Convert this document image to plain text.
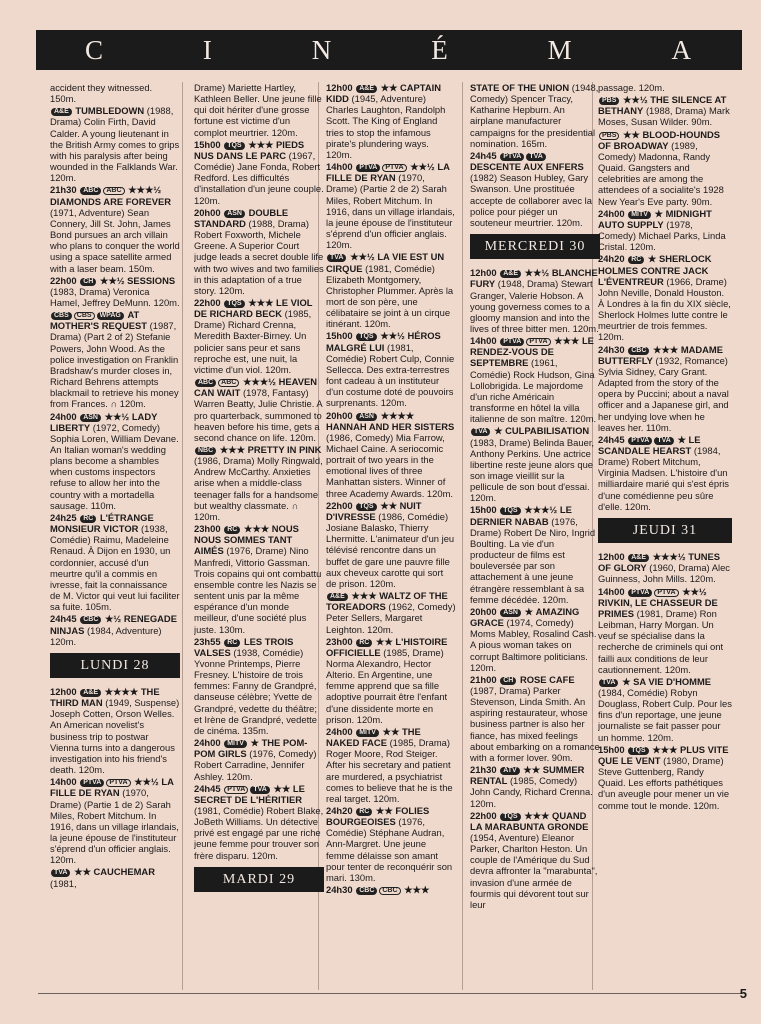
C	I	N	É	M	A

accident they witnessed. 150m.

A&E TUMBLEDOWN (1988, Drama) Colin Firth, David Calder. A young lieutenant in the British Army comes to grips with his paralysis after being wounded in the Falklands War. 120m.

21h30 ABC ABC ★★★½ DIAMONDS ARE FOREVER (1971, Adventure) Sean Connery, Jill St. John, James Bond pursues an arch villain who plans to conquer the world using a space satellite armed with a laser beam. 150m.

22h00 CH ★★½ SESSIONS (1983, Drama) Veronica Hamel, Jeffrey DeMunn. 120m.

CBS CBS WPAG AT MOTHER'S REQUEST (1987, Drama) (Part 2 of 2) Stefanie Powers, John Wood. As the police investigation on Franklin Bradshaw's murder closes in, Richard Behrens attempts blackmail to retrieve his money from Frances. ∩ 120m.

24h00 ASN ★★½ LADY LIBERTY (1972, Comedy) Sophia Loren, William Devane. An Italian woman's wedding plans become a shambles when customs inspectors refuse to allow her into the country with a mortadella sausage. 110m.

24h25 RC L'ÉTRANGE MONSIEUR VICTOR (1938, Comédie) Raimu, Madeleine Renaud. À Dijon en 1930, un cordonnier, accusé d'un meurtre qu'il a commis en ivresse, fait la connaissance de M. Victor qui veut lui faciliter sa fuite. 105m.

24h45 CBC ★½ RENEGADE NINJAS (1984, Adventure) 120m.

LUNDI 28

12h00 A&E ★★★★ THE THIRD MAN (1949, Suspense) Joseph Cotten, Orson Welles. An American novelist's business trip to postwar Vienna turns into a dangerous investigation into his friend's death. 120m.

14h00 PTVA PTVA ★★½ LA FILLE DE RYAN (1970, Drame) (Partie 1 de 2) Sarah Miles, Robert Mitchum. In 1916, dans un village irlandais, la jeune épouse de l'instituteur s'éprend d'un officier anglais. 120m.

TVA ★★ CAUCHEMAR (1981,

Drame) Mariette Hartley, Kathleen Beller. Une jeune fille qui doit hériter d'une grosse fortune est victime d'un complot meurtrier. 120m.

15h00 TQS ★★★ PIEDS NUS DANS LE PARC (1967, Comédie) Jane Fonda, Robert Redford. Les difficultés d'installation d'un jeune couple. 120m.

20h00 ASN DOUBLE STANDARD (1988, Drama) Robert Foxworth, Michele Greene. A Superior Court judge leads a secret double life with two wives and two families in this adaptation of a true story. 120m.

22h00 TQS ★★★ LE VIOL DE RICHARD BECK (1985, Drame) Richard Crenna, Meredith Baxter-Birney. Un policier sans peur et sans reproche est, une nuit, la victime d'un viol. 120m.

ABC ABC ★★★½ HEAVEN CAN WAIT (1978, Fantasy) Warren Beatty, Julie Christie. A pro quarterback, summoned to heaven before his time, gets a second chance on life. 120m.

NBC ★★★ PRETTY IN PINK (1986, Drama) Molly Ringwald, Andrew McCarthy. Anxieties arise when a middle-class teenager falls for a handsome but wealthy classmate. ∩ 120m.

23h00 RC ★★★ NOUS NOUS SOMMES TANT AIMÉS (1976, Drame) Nino Manfredi, Vittorio Gassman. Trois copains qui ont combattu ensemble contre les Nazis se sentent unis par la même espérance d'un monde meilleur, d'une société plus juste. 130m.

23h55 RC LES TROIS VALSES (1938, Comédie) Yvonne Printemps, Pierre Fresney. L'histoire de trois femmes: Fanny de Grandpré, danseuse célèbre; Yvette de Grandpré, vedette du théâtre; et Irène de Grandpré, vedette de cinéma. 135m.

24h00 MITV ★ THE POM-POM GIRLS (1976, Comedy) Robert Carradine, Jennifer Ashley. 120m.

24h45 PTVA TVA ★★ LE SECRET DE L'HÉRITIER (1981, Comédie) Robert Blake, JoBeth Williams. Un détective privé est engagé par une riche jeune femme pour trouver son frère disparu. 120m.

MARDI 29

12h00 A&E ★★ CAPTAIN KIDD (1945, Adventure) Charles Laughton, Randolph Scott. The King of England tries to stop the infamous pirate's plundering ways. 120m.

14h00 PTVA PTVA ★★½ LA FILLE DE RYAN (1970, Drame) (Partie 2 de 2) Sarah Miles, Robert Mitchum. In 1916, dans un village irlandais, la jeune épouse de l'instituteur s'éprend d'un officier anglais. 120m.

TVA ★★½ LA VIE EST UN CIRQUE (1981, Comédie) Elizabeth Montgomery, Christopher Plummer. Après la mort de son père, une célibataire se joint à un cirque itinérant. 120m.

15h00 TQS ★★½ HÉROS MALGRÉ LUI (1981, Comédie) Robert Culp, Connie Sellecca. Des extra-terrestres font cadeau à un instituteur d'un costume doté de pouvoirs surprenants. 120m.

20h00 ASN ★★★★ HANNAH AND HER SISTERS (1986, Comedy) Mia Farrow, Michael Caine. A seriocomic portrait of two years in the emotional lives of three Manhattan sisters. Winner of three Academy Awards. 120m.

22h00 TQS ★★ NUIT D'IVRESSE (1986, Comédie) Josiane Balasko, Thierry Lhermitte. L'animateur d'un jeu télévisé rencontre dans un buffet de gare une pauvre fille aux cheveux carotte qui sort de prison. 120m.

A&E ★★★ WALTZ OF THE TOREADORS (1962, Comedy) Peter Sellers, Margaret Leighton. 120m.

23h00 RC ★★ L'HISTOIRE OFFICIELLE (1985, Drame) Norma Alexandro, Hector Alterio. En Argentine, une femme apprend que sa fille adoptive pourrait être l'enfant d'une dissidente morte en prison. 120m.

24h00 MITV ★★ THE NAKED FACE (1985, Drama) Roger Moore, Rod Steiger. After his secretary and patient are murdered, a psychiatrist comes to believe that he is the real target. 120m.

24h20 RC ★★ FOLIES BOURGEOISES (1976, Comédie) Stéphane Audran, Ann-Margret. Une jeune femme délaisse son amant pour tenter de reconquérir son mari. 130m.

24h30 CBC CBC ★★★

STATE OF THE UNION (1948, Comedy) Spencer Tracy, Katharine Hepburn. An airplane manufacturer campaigns for the presidential nomination. 165m.

24h45 PTVA TVA DESCENTE AUX ENFERS (1982) Season Hubley, Gary Swanson. Une prostituée accepte de collaborer avec la police pour piéger un souteneur meurtrier. 120m.

MERCREDI 30

12h00 A&E ★★½ BLANCHE FURY (1948, Drama) Stewart Granger, Valerie Hobson. A young governess comes to a gloomy mansion and into the lives of three bitter men. 120m.

14h00 PTVA PTVA ★★★ LE RENDEZ-VOUS DE SEPTEMBRE (1961, Comédie) Rock Hudson, Gina Lollobrigida. Le majordome d'un riche Américain transforme en hôtel la villa italienne de son maître. 120m.

TVA ★ CULPABILISATION (1983, Drame) Belinda Bauer, Anthony Perkins. Une actrice libertine reste jeune alors que son image vieillit sur la pellicule de son bout d'essai. 120m.

15h00 TQS ★★★½ LE DERNIER NABAB (1976, Drame) Robert De Niro, Ingrid Boulting. La vie d'un producteur de films est bouleversée par son attachement à une jeune étrangère ressemblant à sa femme décédée. 120m.

20h00 ASN ★ AMAZING GRACE (1974, Comedy) Moms Mabley, Rosalind Cash. A pious woman takes on corrupt Baltimore politicians. 120m.

21h00 CH ROSE CAFE (1987, Drama) Parker Stevenson, Linda Smith. An aspiring restaurateur, whose business partner is also her fiance, has mixed feelings about embarking on a romance with a former lover. 90m.

21h30 ATV ★★ SUMMER RENTAL (1985, Comedy) John Candy, Richard Crenna. 120m.

22h00 TQS ★★★ QUAND LA MARABUNTA GRONDE (1954, Aventure) Eleanor Parker, Charlton Heston. Un couple de l'Amérique du Sud devra affronter la "marabunta", invasion d'une armée de fourmis qui dévorent tout sur leur

passage. 120m.

PBS ★★½ THE SILENCE AT BETHANY (1988, Drama) Mark Moses, Susan Wilder. 90m.

PBS ★★ BLOOD-HOUNDS OF BROADWAY (1989, Comedy) Madonna, Randy Quaid. Gangsters and celebrities are among the attendees of a socialite's 1928 New Year's Eve party. 90m.

24h00 MITV ★ MIDNIGHT AUTO SUPPLY (1978, Comedy) Michael Parks, Linda Cristal. 120m.

24h20 RC ★ SHERLOCK HOLMES CONTRE JACK L'ÉVENTREUR (1966, Drame) John Neville, Donald Houston. À Londres à la fin du XIX siècle, Sherlock Holmes lutte contre le meurtrier de trois femmes. 120m.

24h30 CBC ★★★ MADAME BUTTERFLY (1932, Romance) Sylvia Sidney, Cary Grant. Adapted from the story of the opera by Puccini; about a naval officer and a Japanese girl, and her undying love when he leaves her. 110m.

24h45 PTVA TVA ★ LE SCANDALE HEARST (1984, Drame) Robert Mitchum, Virginia Madsen. L'histoire d'un milliardaire marié qui s'est épris d'une comédienne peu sûre d'elle. 120m.

JEUDI 31

12h00 A&E ★★★½ TUNES OF GLORY (1960, Drama) Alec Guinness, John Mills. 120m.

14h00 PTVA PTVA ★★½ RIVKIN, LE CHASSEUR DE PRIMES (1981, Drame) Ron Leibman, Harry Morgan. Un veuf se spécialise dans la recherche de criminels qui ont failli aux conditions de leur cautionnement. 120m.

TVA ★ SA VIE D'HOMME (1984, Comédie) Robyn Douglass, Robert Culp. Pour les fins d'un reportage, une jeune journaliste se fait passer pour un homme. 120m.

15h00 TQS ★★★ PLUS VITE QUE LE VENT (1980, Drame) Steve Guttenberg, Randy Quaid. Les efforts pathétiques d'un aveugle pour mener un vie comme tout le monde. 120m.

5
